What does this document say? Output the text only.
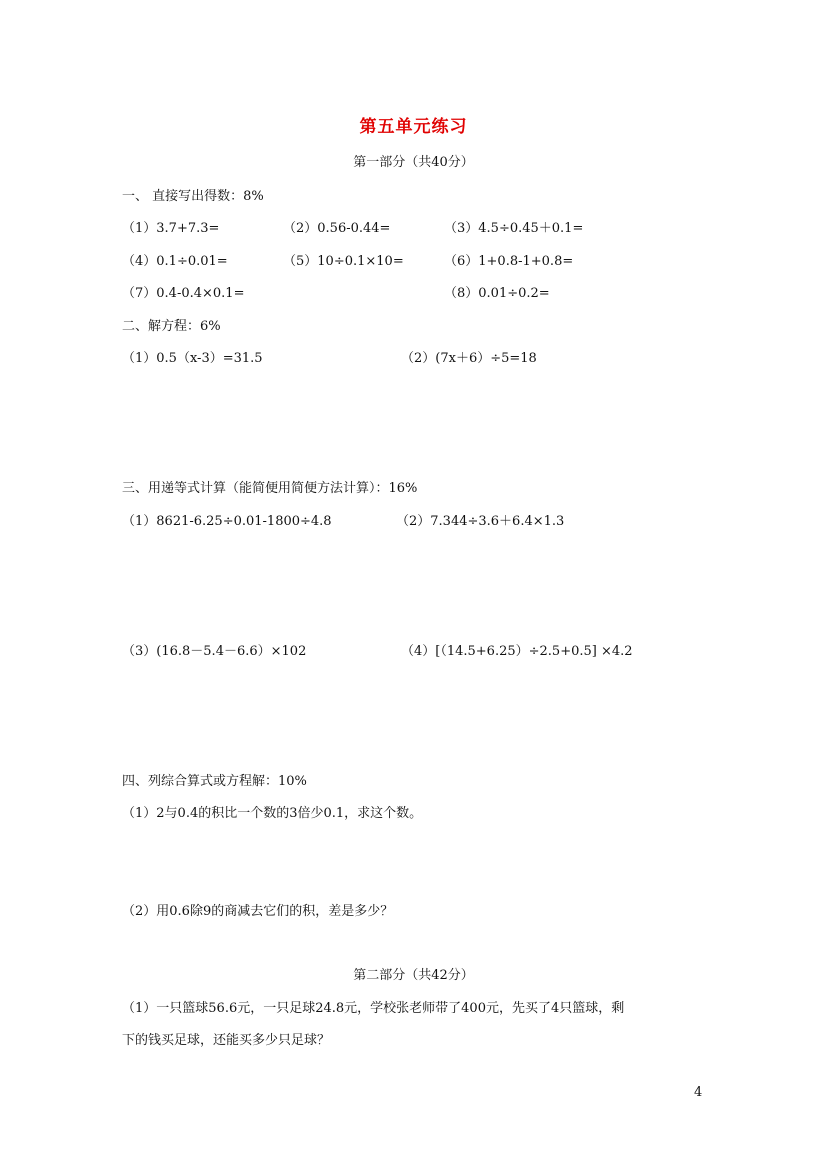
第五单元练习
第一部分（共40分）
一、 直接写出得数：8%
（1）3.7+7.3=	（2）0.56-0.44=	（3）4.5÷0.45＋0.1=
（4）0.1÷0.01=	（5）10÷0.1×10=	（6）1+0.8-1+0.8=
（7）0.4-0.4×0.1=	（8）0.01÷0.2=
二、解方程：6%
（1）0.5（x-3）=31.5	（2）(7x＋6）÷5=18
三、用递等式计算（能简便用简便方法计算）：16%
（1）8621-6.25÷0.01-1800÷4.8	（2）7.344÷3.6＋6.4×1.3
（3）(16.8－5.4－6.6）×102	（4）[（14.5+6.25）÷2.5+0.5] ×4.2
四、列综合算式或方程解：10%
（1）2与0.4的积比一个数的3倍少0.1，求这个数。
（2）用0.6除9的商减去它们的积，差是多少？
第二部分（共42分）
（1）一只篮球56.6元，一只足球24.8元，学校张老师带了400元，先买了4只篮球，剩
下的钱买足球，还能买多少只足球？
4
